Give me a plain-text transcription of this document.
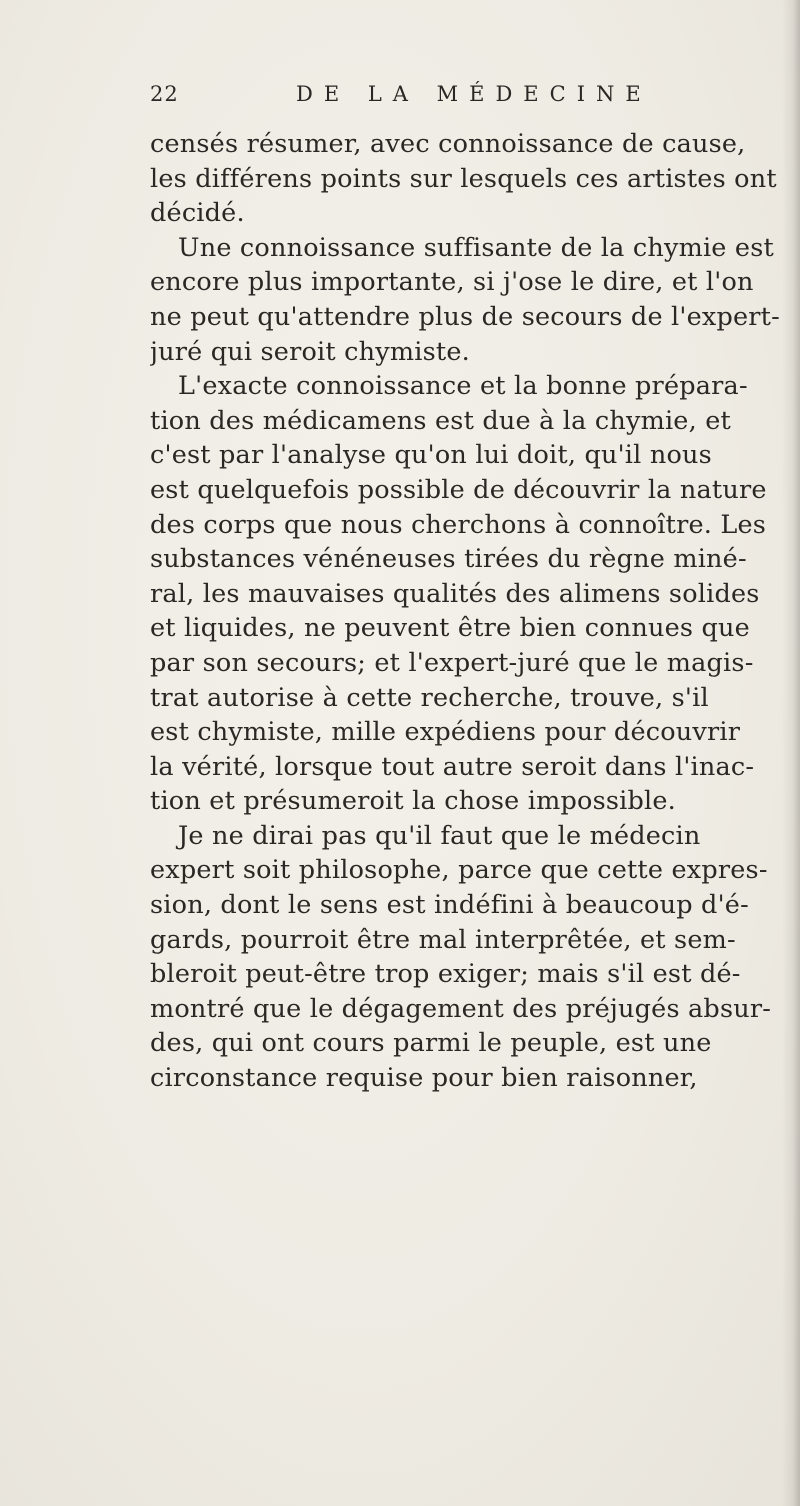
22	DE LA MÉDECINE
censés résumer, avec connoissance de cause,
les différens points sur lesquels ces artistes ont
décidé.
Une connoissance suffisante de la chymie est
encore plus importante, si j'ose le dire, et l'on
ne peut qu'attendre plus de secours de l'expert-
juré qui seroit chymiste.
L'exacte connoissance et la bonne prépara-
tion des médicamens est due à la chymie, et
c'est par l'analyse qu'on lui doit, qu'il nous
est quelquefois possible de découvrir la nature
des corps que nous cherchons à connoître. Les
substances vénéneuses tirées du règne miné-
ral, les mauvaises qualités des alimens solides
et liquides, ne peuvent être bien connues que
par son secours; et l'expert-juré que le magis-
trat autorise à cette recherche, trouve, s'il
est chymiste, mille expédiens pour découvrir
la vérité, lorsque tout autre seroit dans l'inac-
tion et présumeroit la chose impossible.
Je ne dirai pas qu'il faut que le médecin
expert soit philosophe, parce que cette expres-
sion, dont le sens est indéfini à beaucoup d'é-
gards, pourroit être mal interprêtée, et sem-
bleroit peut-être trop exiger; mais s'il est dé-
montré que le dégagement des préjugés absur-
des, qui ont cours parmi le peuple, est une
circonstance requise pour bien raisonner,
